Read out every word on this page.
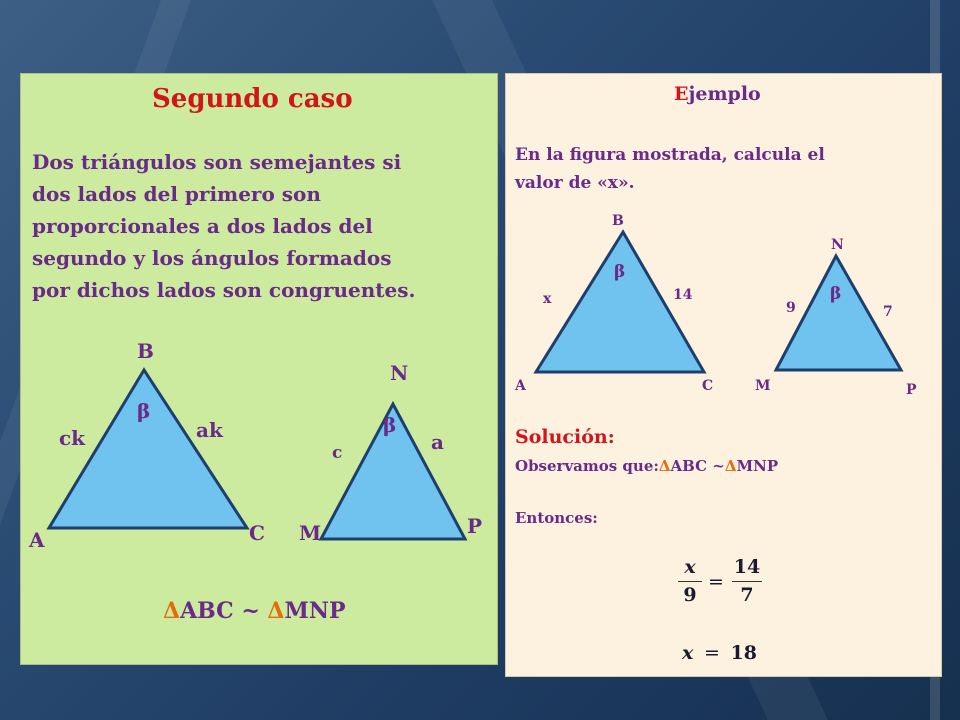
Segundo caso
Dos triángulos son semejantes si
dos lados del primero son
proporcionales a dos lados del
segundo y los ángulos formados
por dichos lados son congruentes.
B
A	C
ck	ak
β
N
M	P
c	a
β
ΔABC ~ ΔMNP
Ejemplo
En la figura mostrada, calcula el
valor de «x».
B
A	C
x	14
β
N
M	P
9	7
β
Solución:
Observamos que:ΔABC ~ΔMNP
Entonces:
x
9
=
14
7
x = 18
